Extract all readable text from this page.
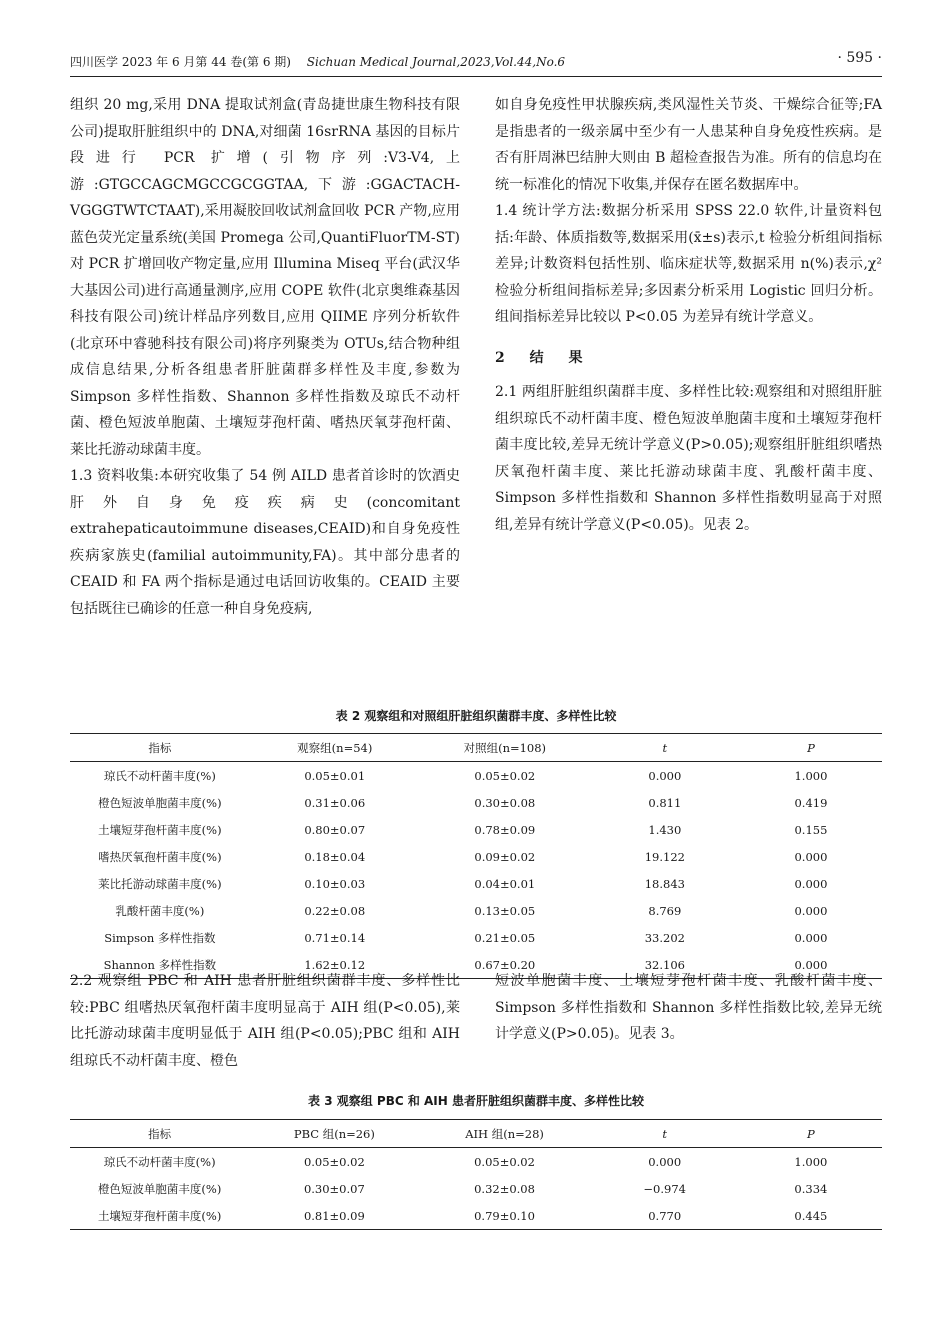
四川医学 2023 年 6 月第 44 卷(第 6 期) Sichuan Medical Journal,2023,Vol.44,No.6	· 595 ·

组织 20 mg,采用 DNA 提取试剂盒(青岛捷世康生物科技有限公司)提取肝脏组织中的 DNA,对细菌 16srRNA 基因的目标片段进行 PCR 扩增(引物序列:V3-V4,上游:GTGCCAGCMGCCGCGGTAA,下游:GGACTACH-VGGGTWTCTAAT),采用凝胶回收试剂盒回收 PCR 产物,应用蓝色荧光定量系统(美国 Promega 公司,QuantiFluorTM-ST)对 PCR 扩增回收产物定量,应用 Illumina Miseq 平台(武汉华大基因公司)进行高通量测序,应用 COPE 软件(北京奥维森基因科技有限公司)统计样品序列数目,应用 QIIME 序列分析软件(北京环中睿驰科技有限公司)将序列聚类为 OTUs,结合物种组成信息结果,分析各组患者肝脏菌群多样性及丰度,参数为 Simpson 多样性指数、Shannon 多样性指数及琼氏不动杆菌、橙色短波单胞菌、土壤短芽孢杆菌、嗜热厌氧芽孢杆菌、莱比托游动球菌丰度。

1.3 资料收集:本研究收集了 54 例 AILD 患者首诊时的饮酒史肝外自身免疫疾病史(concomitant extrahepaticautoimmune diseases,CEAID)和自身免疫性疾病家族史(familial autoimmunity,FA)。其中部分患者的 CEAID 和 FA 两个指标是通过电话回访收集的。CEAID 主要包括既往已确诊的任意一种自身免疫病,

如自身免疫性甲状腺疾病,类风湿性关节炎、干燥综合征等;FA 是指患者的一级亲属中至少有一人患某种自身免疫性疾病。是否有肝周淋巴结肿大则由 B 超检查报告为准。所有的信息均在统一标准化的情况下收集,并保存在匿名数据库中。

1.4 统计学方法:数据分析采用 SPSS 22.0 软件,计量资料包括:年龄、体质指数等,数据采用(x̄±s)表示,t 检验分析组间指标差异;计数资料包括性别、临床症状等,数据采用 n(%)表示,χ²检验分析组间指标差异;多因素分析采用 Logistic 回归分析。组间指标差异比较以 P<0.05 为差异有统计学意义。

2 结 果

2.1 两组肝脏组织菌群丰度、多样性比较:观察组和对照组肝脏组织琼氏不动杆菌丰度、橙色短波单胞菌丰度和土壤短芽孢杆菌丰度比较,差异无统计学意义(P>0.05);观察组肝脏组织嗜热厌氧孢杆菌丰度、莱比托游动球菌丰度、乳酸杆菌丰度、Simpson 多样性指数和 Shannon 多样性指数明显高于对照组,差异有统计学意义(P<0.05)。见表 2。

表 2 观察组和对照组肝脏组织菌群丰度、多样性比较
指标	观察组(n=54)	对照组(n=108)	t	P
琼氏不动杆菌丰度(%)	0.05±0.01	0.05±0.02	0.000	1.000
橙色短波单胞菌丰度(%)	0.31±0.06	0.30±0.08	0.811	0.419
土壤短芽孢杆菌丰度(%)	0.80±0.07	0.78±0.09	1.430	0.155
嗜热厌氧孢杆菌丰度(%)	0.18±0.04	0.09±0.02	19.122	0.000
莱比托游动球菌丰度(%)	0.10±0.03	0.04±0.01	18.843	0.000
乳酸杆菌丰度(%)	0.22±0.08	0.13±0.05	8.769	0.000
Simpson 多样性指数	0.71±0.14	0.21±0.05	33.202	0.000
Shannon 多样性指数	1.62±0.12	0.67±0.20	32.106	0.000

2.2 观察组 PBC 和 AIH 患者肝脏组织菌群丰度、多样性比较:PBC 组嗜热厌氧孢杆菌丰度明显高于 AIH 组(P<0.05),莱比托游动球菌丰度明显低于 AIH 组(P<0.05);PBC 组和 AIH 组琼氏不动杆菌丰度、橙色

短波单胞菌丰度、土壤短芽孢杆菌丰度、乳酸杆菌丰度、Simpson 多样性指数和 Shannon 多样性指数比较,差异无统计学意义(P>0.05)。见表 3。

表 3 观察组 PBC 和 AIH 患者肝脏组织菌群丰度、多样性比较
指标	PBC 组(n=26)	AIH 组(n=28)	t	P
琼氏不动杆菌丰度(%)	0.05±0.02	0.05±0.02	0.000	1.000
橙色短波单胞菌丰度(%)	0.30±0.07	0.32±0.08	−0.974	0.334
土壤短芽孢杆菌丰度(%)	0.81±0.09	0.79±0.10	0.770	0.445
